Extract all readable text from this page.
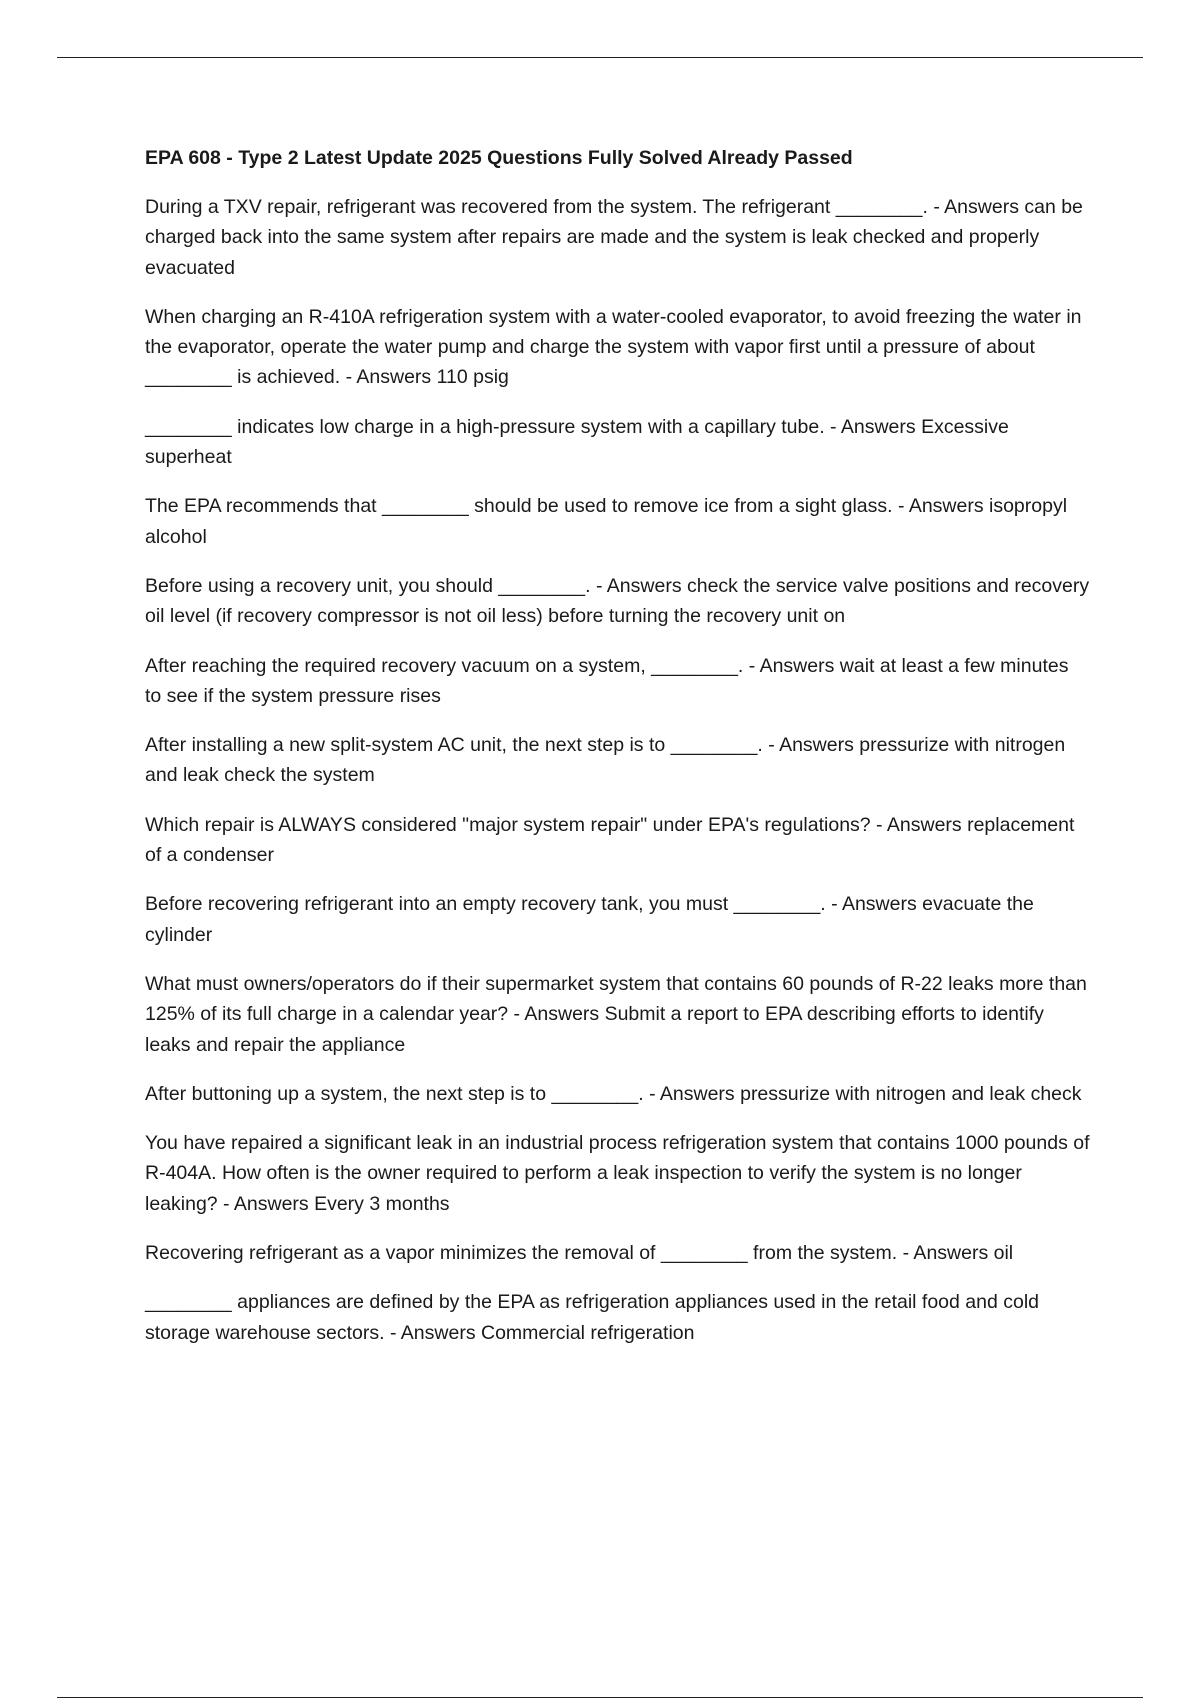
EPA 608 - Type 2 Latest Update 2025 Questions Fully Solved Already Passed

During a TXV repair, refrigerant was recovered from the system. The refrigerant ________. - Answers can be charged back into the same system after repairs are made and the system is leak checked and properly evacuated

When charging an R-410A refrigeration system with a water-cooled evaporator, to avoid freezing the water in the evaporator, operate the water pump and charge the system with vapor first until a pressure of about ________ is achieved. - Answers 110 psig

________ indicates low charge in a high-pressure system with a capillary tube. - Answers Excessive superheat

The EPA recommends that ________ should be used to remove ice from a sight glass. - Answers isopropyl alcohol

Before using a recovery unit, you should ________. - Answers check the service valve positions and recovery oil level (if recovery compressor is not oil less) before turning the recovery unit on

After reaching the required recovery vacuum on a system, ________. - Answers wait at least a few minutes to see if the system pressure rises

After installing a new split-system AC unit, the next step is to ________. - Answers pressurize with nitrogen and leak check the system

Which repair is ALWAYS considered "major system repair" under EPA's regulations? - Answers replacement of a condenser

Before recovering refrigerant into an empty recovery tank, you must ________. - Answers evacuate the cylinder

What must owners/operators do if their supermarket system that contains 60 pounds of R-22 leaks more than 125% of its full charge in a calendar year? - Answers Submit a report to EPA describing efforts to identify leaks and repair the appliance

After buttoning up a system, the next step is to ________. - Answers pressurize with nitrogen and leak check

You have repaired a significant leak in an industrial process refrigeration system that contains 1000 pounds of R-404A. How often is the owner required to perform a leak inspection to verify the system is no longer leaking? - Answers Every 3 months

Recovering refrigerant as a vapor minimizes the removal of ________ from the system. - Answers oil

________ appliances are defined by the EPA as refrigeration appliances used in the retail food and cold storage warehouse sectors. - Answers Commercial refrigeration
